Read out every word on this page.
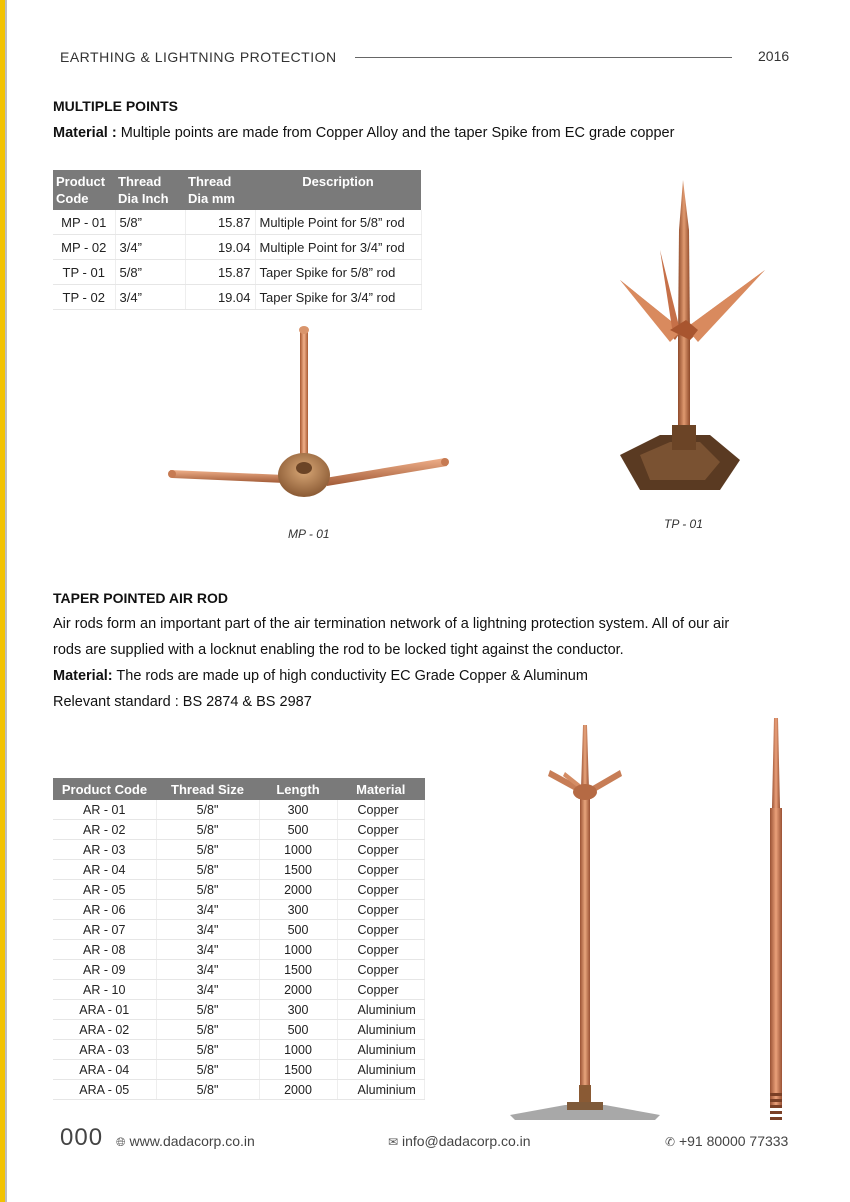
EARTHING & LIGHTNING PROTECTION	2016
MULTIPLE POINTS
Material : Multiple points are made from Copper Alloy and the taper Spike from EC grade copper
Product Code	Thread Dia Inch	Thread Dia mm	Description
MP - 01	5/8”	15.87	Multiple Point for 5/8” rod
MP - 02	3/4”	19.04	Multiple Point for 3/4” rod
TP - 01	5/8”	15.87	Taper Spike for 5/8” rod
TP - 02	3/4”	19.04	Taper Spike for 3/4” rod
MP - 01
TP - 01
TAPER POINTED AIR ROD
Air rods form an important part of the air termination network of a lightning protection system. All of our air
rods are supplied with a locknut enabling the rod to be locked tight against the conductor.
Material: The rods are made up of high conductivity EC Grade Copper & Aluminum
Relevant standard : BS 2874 & BS 2987
Product Code	Thread Size	Length	Material
AR - 01	5/8"	300	Copper
AR - 02	5/8"	500	Copper
AR - 03	5/8"	1000	Copper
AR - 04	5/8"	1500	Copper
AR - 05	5/8"	2000	Copper
AR - 06	3/4"	300	Copper
AR - 07	3/4"	500	Copper
AR - 08	3/4"	1000	Copper
AR - 09	3/4"	1500	Copper
AR - 10	3/4"	2000	Copper
ARA - 01	5/8"	300	Aluminium
ARA - 02	5/8"	500	Aluminium
ARA - 03	5/8"	1000	Aluminium
ARA - 04	5/8"	1500	Aluminium
ARA - 05	5/8"	2000	Aluminium
000 🌐︎ www.dadacorp.co.in	✉ info@dadacorp.co.in	✆ +91 80000 77333
